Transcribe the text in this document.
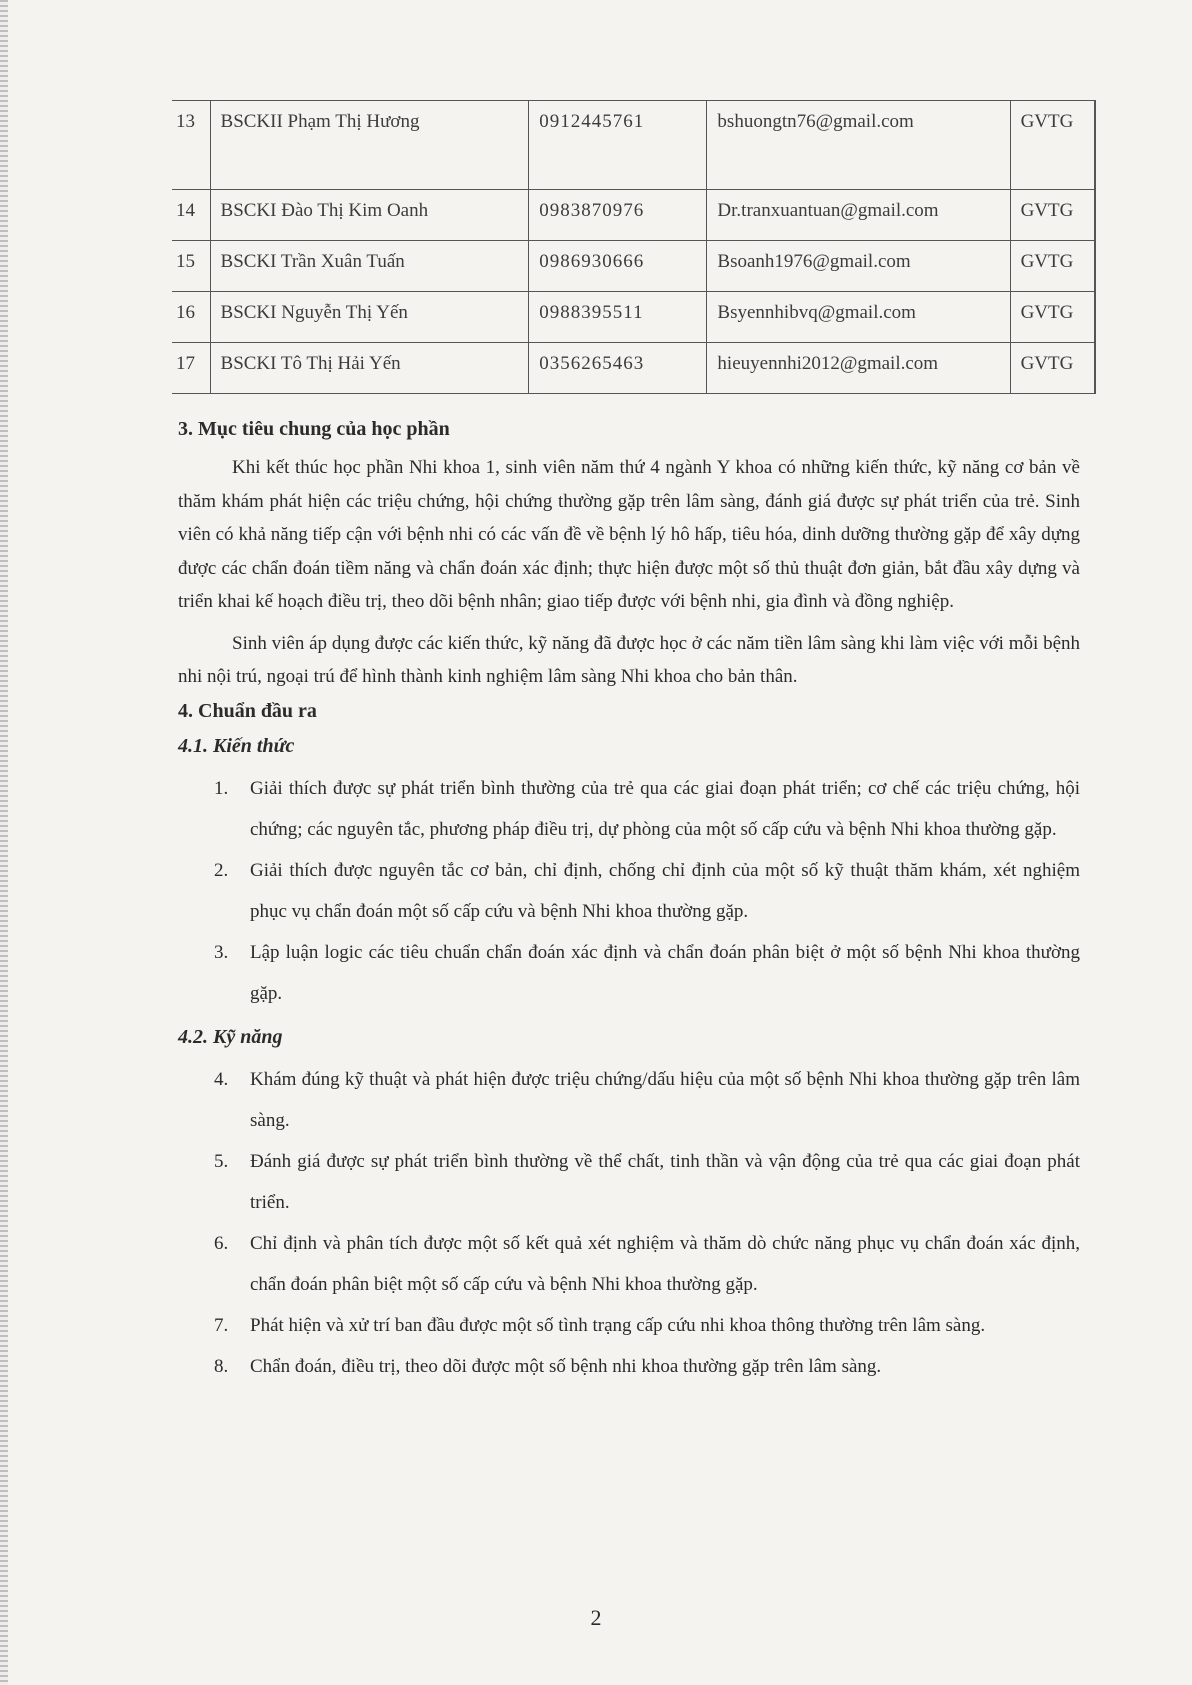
13	BSCKII Phạm Thị Hương	0912445761	bshuongtn76@gmail.com	GVTG
14	BSCKI Đào Thị Kim Oanh	0983870976	Dr.tranxuantuan@gmail.com	GVTG
15	BSCKI Trần Xuân Tuấn	0986930666	Bsoanh1976@gmail.com	GVTG
16	BSCKI Nguyễn Thị Yến	0988395511	Bsyennhibvq@gmail.com	GVTG
17	BSCKI Tô Thị Hải Yến	0356265463	hieuyennhi2012@gmail.com	GVTG
3. Mục tiêu chung của học phần

Khi kết thúc học phần Nhi khoa 1, sinh viên năm thứ 4 ngành Y khoa có những kiến thức, kỹ năng cơ bản về thăm khám phát hiện các triệu chứng, hội chứng thường gặp trên lâm sàng, đánh giá được sự phát triển của trẻ. Sinh viên có khả năng tiếp cận với bệnh nhi có các vấn đề về bệnh lý hô hấp, tiêu hóa, dinh dưỡng thường gặp để xây dựng được các chẩn đoán tiềm năng và chẩn đoán xác định; thực hiện được một số thủ thuật đơn giản, bắt đầu xây dựng và triển khai kế hoạch điều trị, theo dõi bệnh nhân; giao tiếp được với bệnh nhi, gia đình và đồng nghiệp.

Sinh viên áp dụng được các kiến thức, kỹ năng đã được học ở các năm tiền lâm sàng khi làm việc với mỗi bệnh nhi nội trú, ngoại trú để hình thành kinh nghiệm lâm sàng Nhi khoa cho bản thân.

4. Chuẩn đầu ra
4.1. Kiến thức
1. Giải thích được sự phát triển bình thường của trẻ qua các giai đoạn phát triển; cơ chế các triệu chứng, hội chứng; các nguyên tắc, phương pháp điều trị, dự phòng của một số cấp cứu và bệnh Nhi khoa thường gặp.
2. Giải thích được nguyên tắc cơ bản, chỉ định, chống chỉ định của một số kỹ thuật thăm khám, xét nghiệm phục vụ chẩn đoán một số cấp cứu và bệnh Nhi khoa thường gặp.
3. Lập luận logic các tiêu chuẩn chẩn đoán xác định và chẩn đoán phân biệt ở một số bệnh Nhi khoa thường gặp.
4.2. Kỹ năng
4. Khám đúng kỹ thuật và phát hiện được triệu chứng/dấu hiệu của một số bệnh Nhi khoa thường gặp trên lâm sàng.
5. Đánh giá được sự phát triển bình thường về thể chất, tinh thần và vận động của trẻ qua các giai đoạn phát triển.
6. Chỉ định và phân tích được một số kết quả xét nghiệm và thăm dò chức năng phục vụ chẩn đoán xác định, chẩn đoán phân biệt một số cấp cứu và bệnh Nhi khoa thường gặp.
7. Phát hiện và xử trí ban đầu được một số tình trạng cấp cứu nhi khoa thông thường trên lâm sàng.
8. Chẩn đoán, điều trị, theo dõi được một số bệnh nhi khoa thường gặp trên lâm sàng.
2
